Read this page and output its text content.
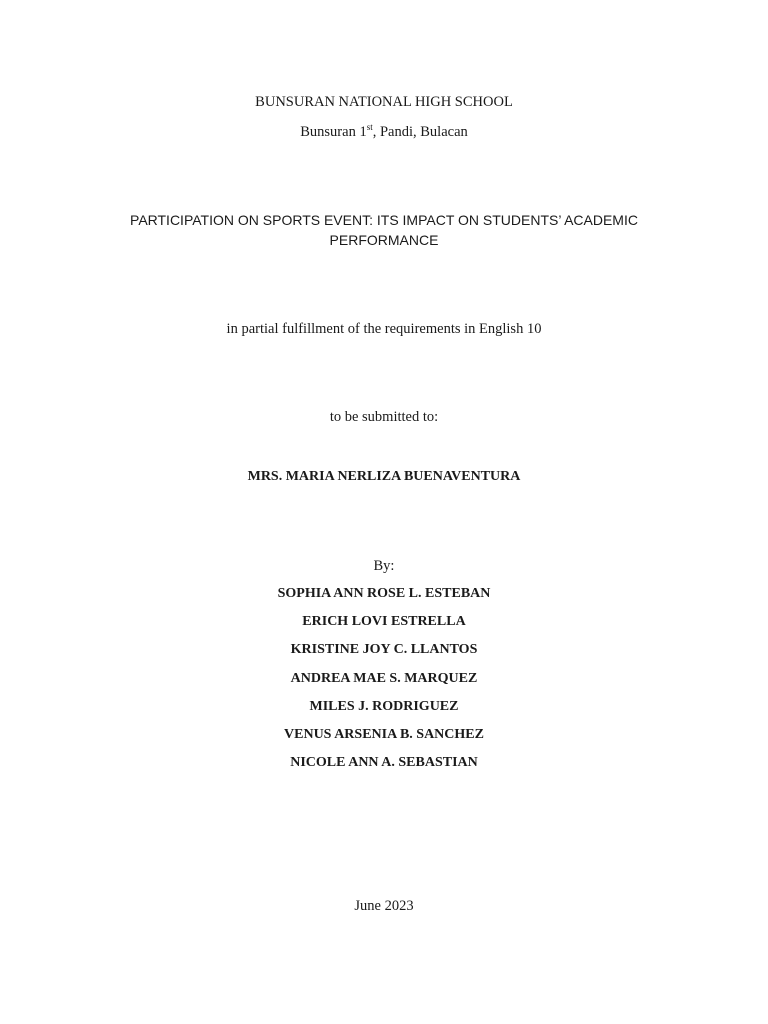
BUNSURAN NATIONAL HIGH SCHOOL
Bunsuran 1st, Pandi, Bulacan
PARTICIPATION ON SPORTS EVENT: ITS IMPACT ON STUDENTS’ ACADEMIC
PERFORMANCE
in partial fulfillment of the requirements in English 10
to be submitted to:
MRS. MARIA NERLIZA BUENAVENTURA
By:
SOPHIA ANN ROSE L. ESTEBAN
ERICH LOVI ESTRELLA
KRISTINE JOY C. LLANTOS
ANDREA MAE S. MARQUEZ
MILES J. RODRIGUEZ
VENUS ARSENIA B. SANCHEZ
NICOLE ANN A. SEBASTIAN
June 2023
